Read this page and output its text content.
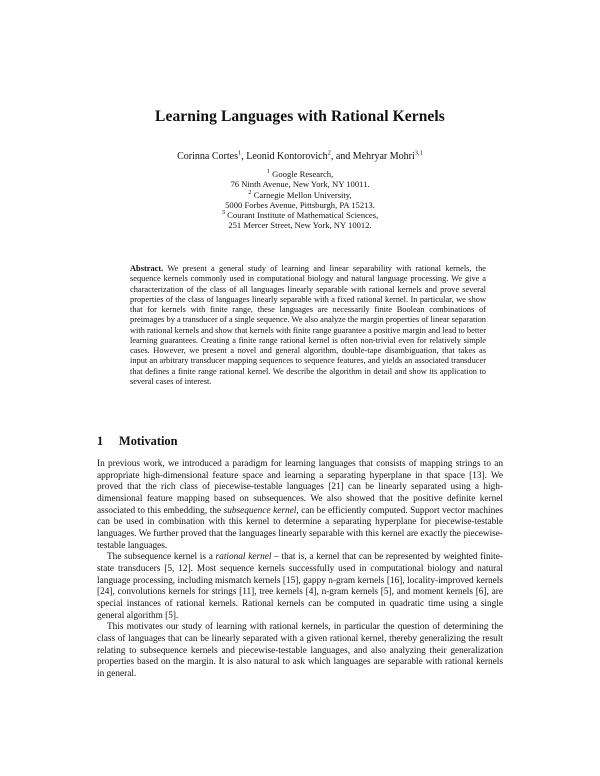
Learning Languages with Rational Kernels
Corinna Cortes$^1$, Leonid Kontorovich$^2$, and Mehryar Mohri$^{3,1}$
$^1$ Google Research,
76 Ninth Avenue, New York, NY 10011.
$^2$ Carnegie Mellon University,
5000 Forbes Avenue, Pittsburgh, PA 15213.
$^3$ Courant Institute of Mathematical Sciences,
251 Mercer Street, New York, NY 10012.
Abstract. We present a general study of learning and linear separability with rational kernels, the sequence kernels commonly used in computational biology and natural language processing. We give a characterization of the class of all languages linearly separable with rational kernels and prove several properties of the class of languages linearly separable with a fixed rational kernel. In particular, we show that for kernels with finite range, these languages are necessarily finite Boolean combinations of preimages by a transducer of a single sequence. We also analyze the margin properties of linear separation with rational kernels and show that kernels with finite range guarantee a positive margin and lead to better learning guarantees. Creating a finite range rational kernel is often non-trivial even for relatively simple cases. However, we present a novel and general algorithm, double-tape disambiguation, that takes as input an arbitrary transducer mapping sequences to sequence features, and yields an associated transducer that defines a finite range rational kernel. We describe the algorithm in detail and show its application to several cases of interest.
1 Motivation

In previous work, we introduced a paradigm for learning languages that consists of mapping strings to an appropriate high-dimensional feature space and learning a separating hyperplane in that space [13]. We proved that the rich class of piecewise-testable languages [21] can be linearly separated using a high-dimensional feature mapping based on subsequences. We also showed that the positive definite kernel associated to this embedding, the subsequence kernel, can be efficiently computed. Support vector machines can be used in combination with this kernel to determine a separating hyperplane for piecewise-testable languages. We further proved that the languages linearly separable with this kernel are exactly the piecewise-testable languages.

The subsequence kernel is a rational kernel – that is, a kernel that can be represented by weighted finite-state transducers [5, 12]. Most sequence kernels successfully used in computational biology and natural language processing, including mismatch kernels [15], gappy n-gram kernels [16], locality-improved kernels [24], convolutions kernels for strings [11], tree kernels [4], n-gram kernels [5], and moment kernels [6], are special instances of rational kernels. Rational kernels can be computed in quadratic time using a single general algorithm [5].

This motivates our study of learning with rational kernels, in particular the question of determining the class of languages that can be linearly separated with a given rational kernel, thereby generalizing the result relating to subsequence kernels and piecewise-testable languages, and also analyzing their generalization properties based on the margin. It is also natural to ask which languages are separable with rational kernels in general.
